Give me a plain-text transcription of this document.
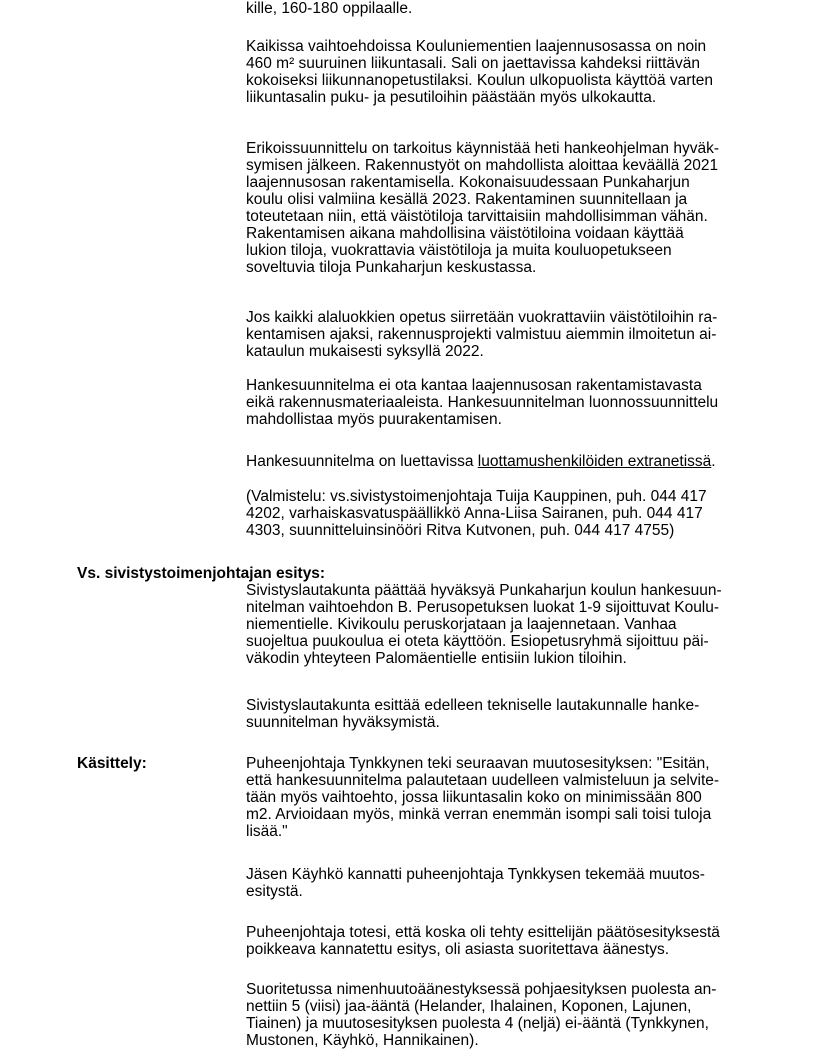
kille, 160-180 oppilaalle.

Kaikissa vaihtoehdoissa Kouluniementien laajennusosassa on noin
460 m² suuruinen liikuntasali. Sali on jaettavissa kahdeksi riittävän
kokoiseksi liikunnanopetustilaksi. Koulun ulkopuolista käyttöä varten
liikuntasalin puku- ja pesutiloihin päästään myös ulkokautta.

Erikoissuunnittelu on tarkoitus käynnistää heti hankeohjelman hyväk-
symisen jälkeen. Rakennustyöt on mahdollista aloittaa keväällä 2021
laajennusosan rakentamisella. Kokonaisuudessaan Punkaharjun
koulu olisi valmiina kesällä 2023. Rakentaminen suunnitellaan ja
toteutetaan niin, että väistötiloja tarvittaisiin mahdollisimman vähän.
Rakentamisen aikana mahdollisina väistötiloina voidaan käyttää
lukion tiloja, vuokrattavia väistötiloja ja muita kouluopetukseen
soveltuvia tiloja Punkaharjun keskustassa.

Jos kaikki alaluokkien opetus siirretään vuokrattaviin väistötiloihin ra-
kentamisen ajaksi, rakennusprojekti valmistuu aiemmin ilmoitetun ai-
kataulun mukaisesti syksyllä 2022.

Hankesuunnitelma ei ota kantaa laajennusosan rakentamistavasta
eikä rakennusmateriaaleista. Hankesuunnitelman luonnossuunnittelu
mahdollistaa myös puurakentamisen.

Hankesuunnitelma on luettavissa luottamushenkilöiden extranetissä.

(Valmistelu: vs.sivistystoimenjohtaja Tuija Kauppinen, puh. 044 417
4202, varhaiskasvatuspäällikkö Anna-Liisa Sairanen, puh. 044 417
4303, suunnitteluinsinööri Ritva Kutvonen, puh. 044 417 4755)

Vs. sivistystoimenjohtajan esitys:

Sivistyslautakunta päättää hyväksyä Punkaharjun koulun hankesuun-
nitelman vaihtoehdon B. Perusopetuksen luokat 1-9 sijoittuvat Koulu-
niementielle. Kivikoulu peruskorjataan ja laajennetaan. Vanhaa
suojeltua puukoulua ei oteta käyttöön. Esiopetusryhmä sijoittuu päi-
väkodin yhteyteen Palomäentielle entisiin lukion tiloihin.

Sivistyslautakunta esittää edelleen tekniselle lautakunnalle hanke-
suunnitelman hyväksymistä.

Käsittely:	Puheenjohtaja Tynkkynen teki seuraavan muutosesityksen: "Esitän,
että hankesuunnitelma palautetaan uudelleen valmisteluun ja selvite-
tään myös vaihtoehto, jossa liikuntasalin koko on minimissään 800
m2. Arvioidaan myös, minkä verran enemmän isompi sali toisi tuloja
lisää."

Jäsen Käyhkö kannatti puheenjohtaja Tynkkysen tekemää muutos-
esitystä.

Puheenjohtaja totesi, että koska oli tehty esittelijän päätösesityksestä
poikkeava kannatettu esitys, oli asiasta suoritettava äänestys.

Suoritetussa nimenhuutoäänestyksessä pohjaesityksen puolesta an-
nettiin 5 (viisi) jaa-ääntä (Helander, Ihalainen, Koponen, Lajunen,
Tiainen) ja muutosesityksen puolesta 4 (neljä) ei-ääntä (Tynkkynen,
Mustonen, Käyhkö, Hannikainen).
